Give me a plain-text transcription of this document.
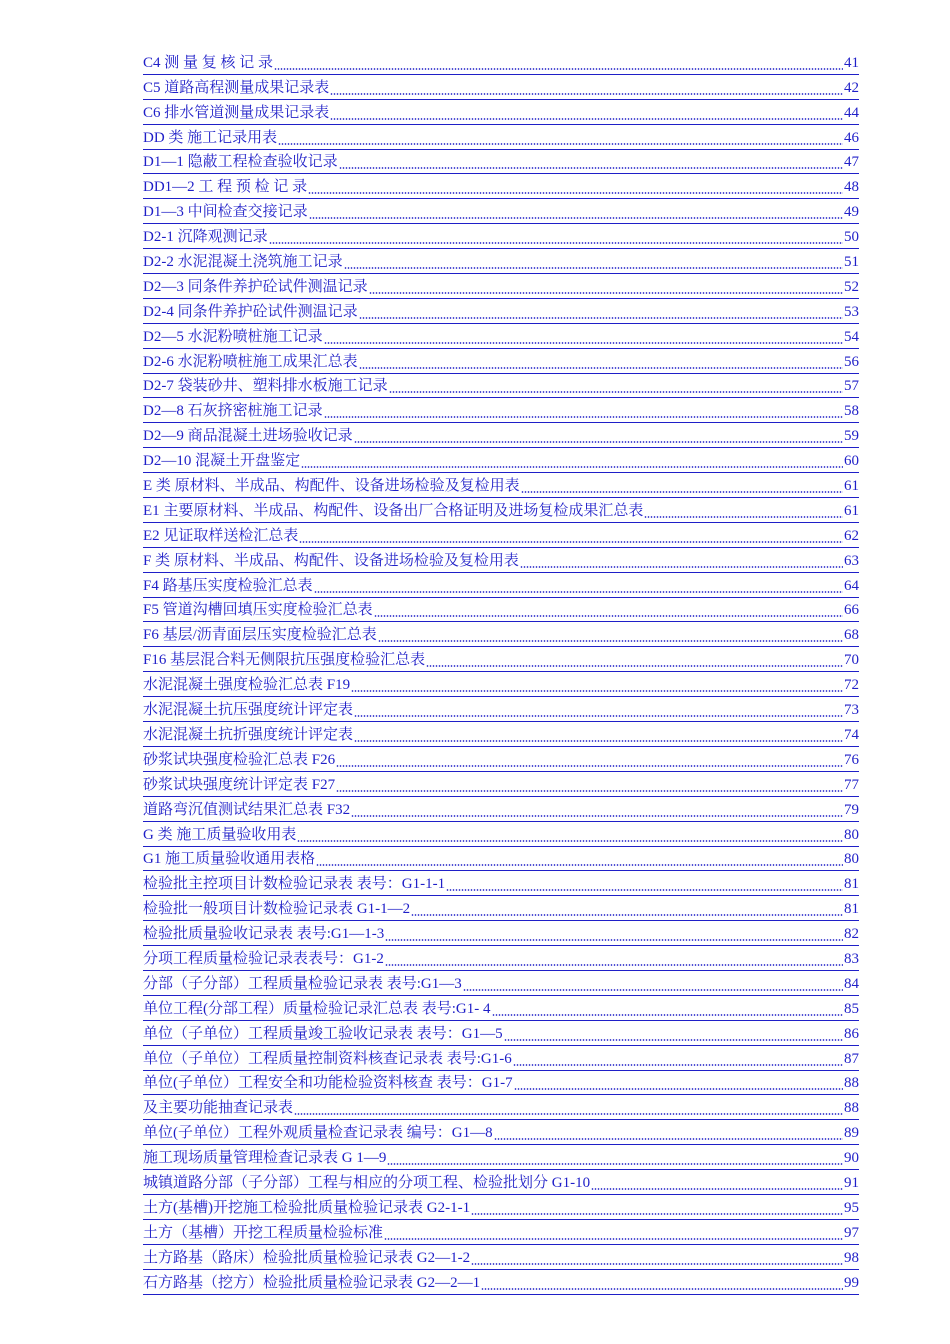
C4 测 量 复 核 记 录	41
C5 道路高程测量成果记录表	42
C6 排水管道测量成果记录表	44
DD 类 施工记录用表	46
D1—1 隐蔽工程检查验收记录	47
DD1—2 工 程 预 检 记 录	48
D1—3 中间检查交接记录	49
D2-1 沉降观测记录	50
D2-2 水泥混凝土浇筑施工记录	51
D2—3 同条件养护砼试件测温记录	52
D2-4 同条件养护砼试件测温记录	53
D2—5 水泥粉喷桩施工记录	54
D2-6 水泥粉喷桩施工成果汇总表	56
D2-7 袋装砂井、塑料排水板施工记录	57
D2—8 石灰挤密桩施工记录	58
D2—9 商品混凝土进场验收记录	59
D2—10 混凝土开盘鉴定	60
E 类 原材料、半成品、构配件、设备进场检验及复检用表	61
E1 主要原材料、半成品、构配件、设备出厂合格证明及进场复检成果汇总表	61
E2 见证取样送检汇总表	62
F 类 原材料、半成品、构配件、设备进场检验及复检用表	63
F4 路基压实度检验汇总表	64
F5 管道沟槽回填压实度检验汇总表	66
F6 基层/沥青面层压实度检验汇总表	68
F16 基层混合料无侧限抗压强度检验汇总表	70
水泥混凝土强度检验汇总表 F19	72
水泥混凝土抗压强度统计评定表	73
水泥混凝土抗折强度统计评定表	74
砂浆试块强度检验汇总表 F26	76
砂浆试块强度统计评定表 F27	77
道路弯沉值测试结果汇总表 F32	79
G 类 施工质量验收用表	80
G1 施工质量验收通用表格	80
检验批主控项目计数检验记录表 表号：G1-1-1	81
检验批一般项目计数检验记录表 G1-1—2	81
检验批质量验收记录表 表号:G1—1-3	82
分项工程质量检验记录表表号：G1-2	83
分部（子分部）工程质量检验记录表 表号:G1—3	84
单位工程(分部工程）质量检验记录汇总表 表号:G1- 4	85
单位（子单位）工程质量竣工验收记录表 表号：G1—5	86
单位（子单位）工程质量控制资料核查记录表 表号:G1-6	87
单位(子单位）工程安全和功能检验资料核查 表号：G1-7	88
及主要功能抽查记录表	88
单位(子单位）工程外观质量检查记录表 编号：G1—8	89
施工现场质量管理检查记录表 G 1—9	90
城镇道路分部（子分部）工程与相应的分项工程、检验批划分 G1-10	91
土方(基槽)开挖施工检验批质量检验记录表 G2-1-1	95
土方（基槽）开挖工程质量检验标准	97
土方路基（路床）检验批质量检验记录表 G2—1-2	98
石方路基（挖方）检验批质量检验记录表 G2—2—1	99
